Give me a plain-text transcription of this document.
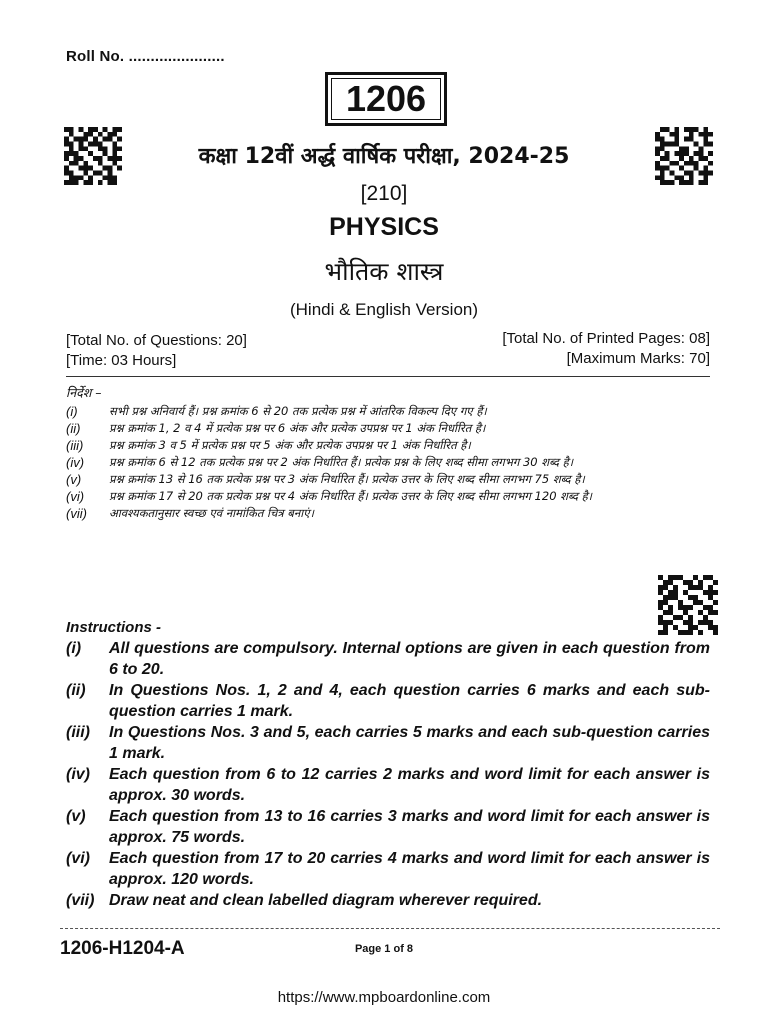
Roll No. ......................
1206
कक्षा 12वीं अर्द्ध वार्षिक परीक्षा, 2024-25
[210]
PHYSICS
भौतिक शास्त्र
(Hindi & English Version)
[Total No. of Questions: 20]
[Time: 03 Hours]
[Total No. of Printed Pages: 08]
[Maximum Marks: 70]
निर्देश –
(i)	सभी प्रश्न अनिवार्य हैं। प्रश्न क्रमांक 6 से 20 तक प्रत्येक प्रश्न में आंतरिक विकल्प दिए गए हैं।
(ii)	प्रश्न क्रमांक 1, 2 व 4 में प्रत्येक प्रश्न पर 6 अंक और प्रत्येक उपप्रश्न पर 1 अंक निर्धारित है।
(iii)	प्रश्न क्रमांक 3 व 5 में प्रत्येक प्रश्न पर 5 अंक और प्रत्येक उपप्रश्न पर 1 अंक निर्धारित है।
(iv)	प्रश्न क्रमांक 6 से 12 तक प्रत्येक प्रश्न पर 2 अंक निर्धारित हैं। प्रत्येक प्रश्न के लिए शब्द सीमा लगभग 30 शब्द है।
(v)	प्रश्न क्रमांक 13 से 16 तक प्रत्येक प्रश्न पर 3 अंक निर्धारित हैं। प्रत्येक उत्तर के लिए शब्द सीमा लगभग 75 शब्द है।
(vi)	प्रश्न क्रमांक 17 से 20 तक प्रत्येक प्रश्न पर 4 अंक निर्धारित हैं। प्रत्येक उत्तर के लिए शब्द सीमा लगभग 120 शब्द है।
(vii)	आवश्यकतानुसार स्वच्छ एवं नामांकित चित्र बनाएं।
Instructions -
(i)	All questions are compulsory. Internal options are given in each question from 6 to 20.
(ii)	In Questions Nos. 1, 2 and 4, each question carries 6 marks and each sub-question carries 1 mark.
(iii)	In Questions Nos. 3 and 5, each carries 5 marks and each sub-question carries 1 mark.
(iv)	Each question from 6 to 12 carries 2 marks and word limit for each answer is approx. 30 words.
(v)	Each question from 13 to 16 carries 3 marks and word limit for each answer is approx. 75 words.
(vi)	Each question from 17 to 20 carries 4 marks and word limit for each answer is approx. 120 words.
(vii) Draw neat and clean labelled diagram wherever required.
1206-H1204-A	Page 1 of 8
https://www.mpboardonline.com
